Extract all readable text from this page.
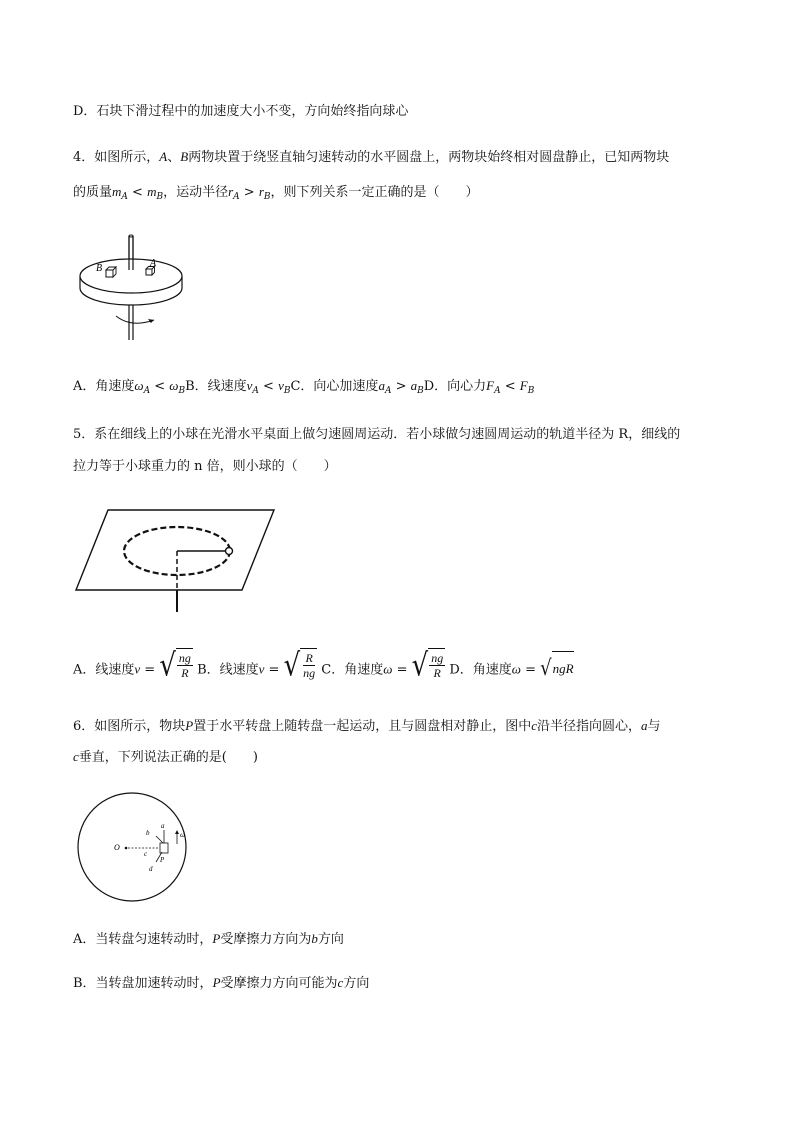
D．石块下滑过程中的加速度大小不变，方向始终指向球心
4．如图所示，A、B两物块置于绕竖直轴匀速转动的水平圆盘上，两物块始终相对圆盘静止，已知两物块
的质量$m_A < m_B$，运动半径$r_A > r_B$，则下列关系一定正确的是（　　）
B	A
A．角速度$\omega_A < \omega_BB$．线速度$v_A < v_BC$．向心加速度$a_A > a_BD$．向心力$F_A < F_B$
5．系在细线上的小球在光滑水平桌面上做匀速圆周运动．若小球做匀速圆周运动的轨道半径为 R，细线的
拉力等于小球重力的 n 倍，则小球的（　　）
A．线速度v = √ $\frac{ng}{R}$ B．线速度v = √ $\frac{R}{ng}$ C．角速度ω = √ $\frac{ng}{R}$ D．角速度ω = √ ngR
6．如图所示，物块P置于水平转盘上随转盘一起运动，且与圆盘相对静止，图中c沿半径指向圆心，a与
c垂直，下列说法正确的是(　　)
O
a
b
c
d
P
ω
A．当转盘匀速转动时，P受摩擦力方向为b方向
B．当转盘加速转动时，P受摩擦力方向可能为c方向
